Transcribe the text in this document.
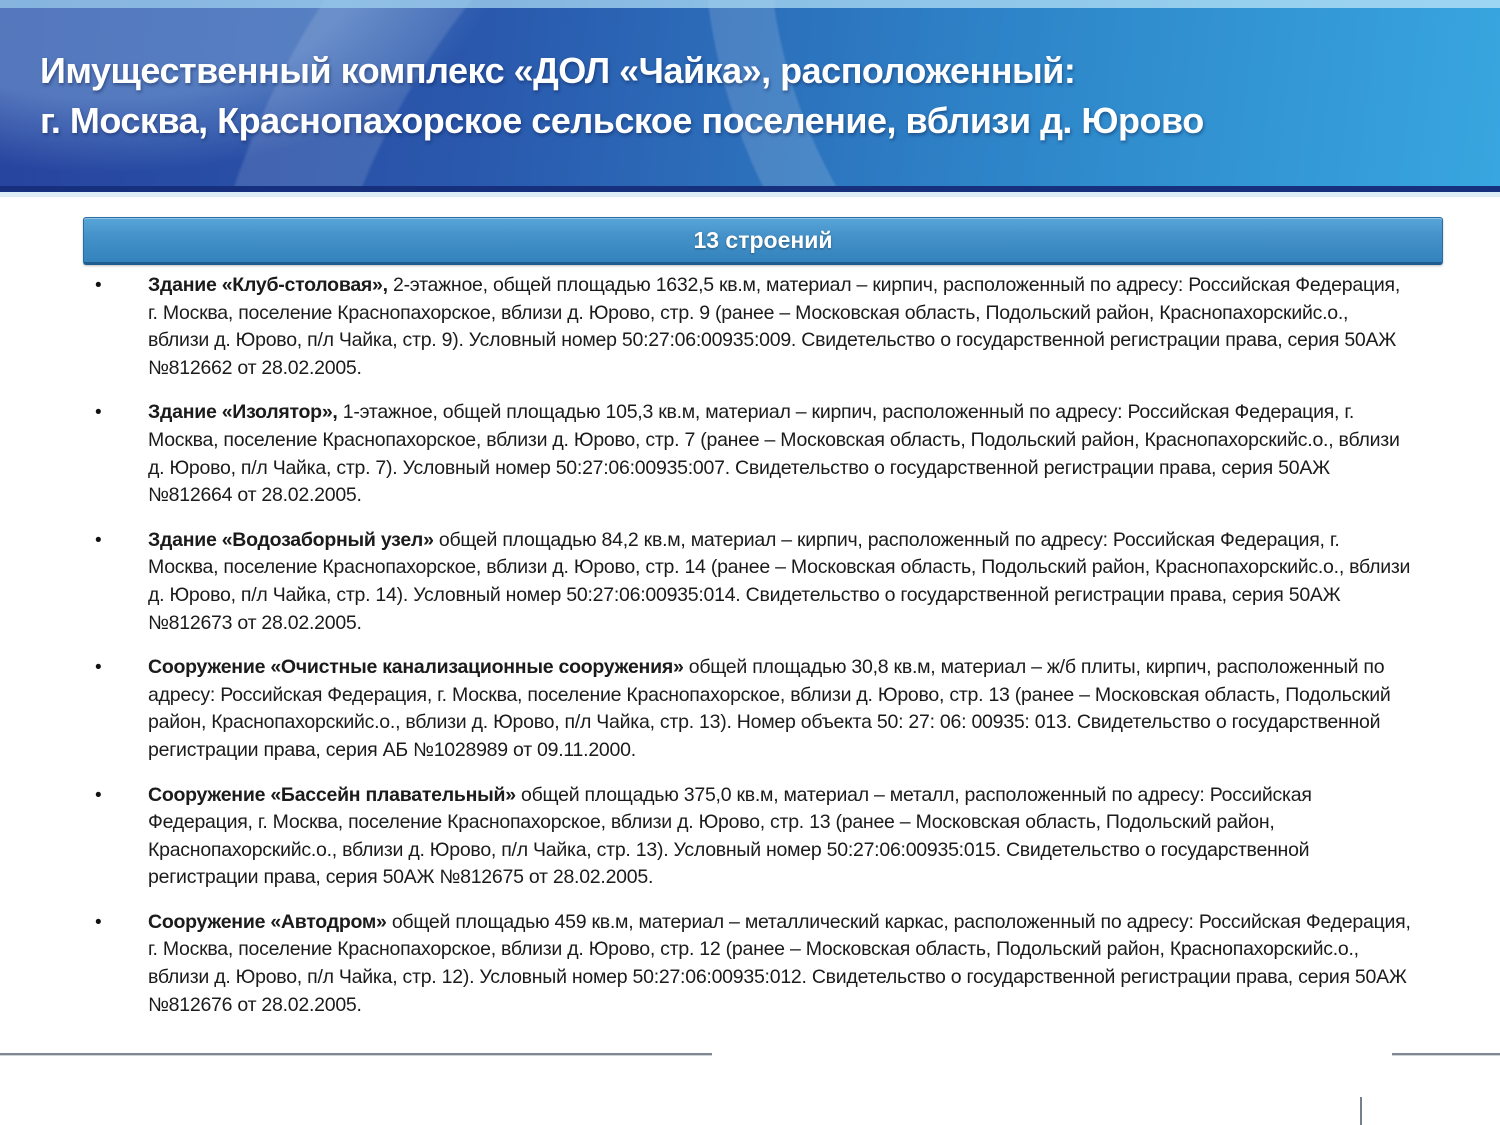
Имущественный комплекс «ДОЛ «Чайка», расположенный:
г. Москва, Краснопахорское сельское поселение, вблизи д. Юрово
13 строений
• Здание «Клуб-столовая», 2-этажное, общей площадью 1632,5 кв.м, материал – кирпич, расположенный по адресу: Российская Федерация, г. Москва, поселение Краснопахорское, вблизи д. Юрово, стр. 9 (ранее – Московская область, Подольский район, Краснопахорскийс.о., вблизи д. Юрово, п/л Чайка, стр. 9). Условный номер 50:27:06:00935:009. Свидетельство о государственной регистрации права, серия 50АЖ №812662 от 28.02.2005.
• Здание «Изолятор», 1-этажное, общей площадью 105,3 кв.м, материал – кирпич, расположенный по адресу: Российская Федерация, г. Москва, поселение Краснопахорское, вблизи д. Юрово, стр. 7 (ранее – Московская область, Подольский район, Краснопахорскийс.о., вблизи д. Юрово, п/л Чайка, стр. 7). Условный номер 50:27:06:00935:007. Свидетельство о государственной регистрации права, серия 50АЖ №812664 от 28.02.2005.
• Здание «Водозаборный узел» общей площадью 84,2 кв.м, материал – кирпич, расположенный по адресу: Российская Федерация, г. Москва, поселение Краснопахорское, вблизи д. Юрово, стр. 14 (ранее – Московская область, Подольский район, Краснопахорскийс.о., вблизи д. Юрово, п/л Чайка, стр. 14). Условный номер 50:27:06:00935:014. Свидетельство о государственной регистрации права, серия 50АЖ №812673 от 28.02.2005.
• Сооружение «Очистные канализационные сооружения» общей площадью 30,8 кв.м, материал – ж/б плиты, кирпич, расположенный по адресу: Российская Федерация, г. Москва, поселение Краснопахорское, вблизи д. Юрово, стр. 13 (ранее – Московская область, Подольский район, Краснопахорскийс.о., вблизи д. Юрово, п/л Чайка, стр. 13). Номер объекта 50: 27: 06: 00935: 013. Свидетельство о государственной регистрации права, серия АБ №1028989 от 09.11.2000.
• Сооружение «Бассейн плавательный» общей площадью 375,0 кв.м, материал – металл, расположенный по адресу: Российская Федерация, г. Москва, поселение Краснопахорское, вблизи д. Юрово, стр. 13 (ранее – Московская область, Подольский район, Краснопахорскийс.о., вблизи д. Юрово, п/л Чайка, стр. 13). Условный номер 50:27:06:00935:015. Свидетельство о государственной регистрации права, серия 50АЖ №812675 от 28.02.2005.
• Сооружение «Автодром» общей площадью 459 кв.м, материал – металлический каркас, расположенный по адресу: Российская Федерация, г. Москва, поселение Краснопахорское, вблизи д. Юрово, стр. 12 (ранее – Московская область, Подольский район, Краснопахорскийс.о., вблизи д. Юрово, п/л Чайка, стр. 12). Условный номер 50:27:06:00935:012. Свидетельство о государственной регистрации права, серия 50АЖ №812676 от 28.02.2005.
